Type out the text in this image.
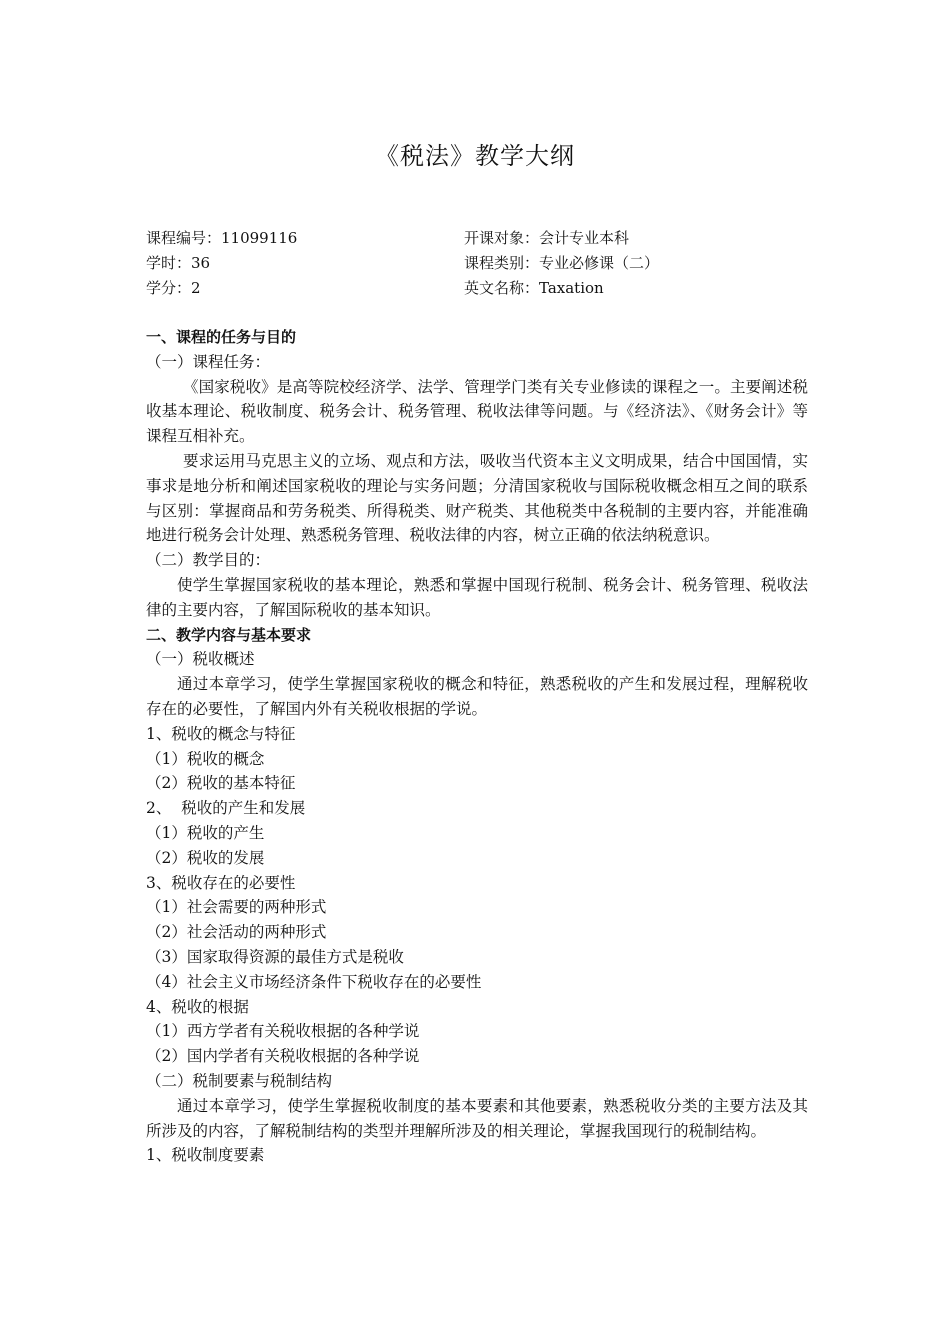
《税法》教学大纲
课程编号：11099116	开课对象：会计专业本科
学时：36	课程类别：专业必修课（二）
学分：2	英文名称：Taxation

一、课程的任务与目的

（一）课程任务：

《国家税收》是高等院校经济学、法学、管理学门类有关专业修读的课程之一。主要阐述税收基本理论、税收制度、税务会计、税务管理、税收法律等问题。与《经济法》、《财务会计》等课程互相补充。

要求运用马克思主义的立场、观点和方法，吸收当代资本主义文明成果，结合中国国情，实事求是地分析和阐述国家税收的理论与实务问题；分清国家税收与国际税收概念相互之间的联系与区别：掌握商品和劳务税类、所得税类、财产税类、其他税类中各税制的主要内容，并能准确地进行税务会计处理、熟悉税务管理、税收法律的内容，树立正确的依法纳税意识。

（二）教学目的：

使学生掌握国家税收的基本理论，熟悉和掌握中国现行税制、税务会计、税务管理、税收法律的主要内容，了解国际税收的基本知识。

二、教学内容与基本要求

（一）税收概述

通过本章学习，使学生掌握国家税收的概念和特征，熟悉税收的产生和发展过程，理解税收存在的必要性，了解国内外有关税收根据的学说。

1、税收的概念与特征

（1）税收的概念

（2）税收的基本特征

2、  税收的产生和发展

（1）税收的产生

（2）税收的发展

3、税收存在的必要性

（1）社会需要的两种形式

（2）社会活动的两种形式

（3）国家取得资源的最佳方式是税收

（4）社会主义市场经济条件下税收存在的必要性

4、税收的根据

（1）西方学者有关税收根据的各种学说

（2）国内学者有关税收根据的各种学说

（二）税制要素与税制结构

通过本章学习，使学生掌握税收制度的基本要素和其他要素，熟悉税收分类的主要方法及其所涉及的内容，了解税制结构的类型并理解所涉及的相关理论，掌握我国现行的税制结构。

1、税收制度要素
